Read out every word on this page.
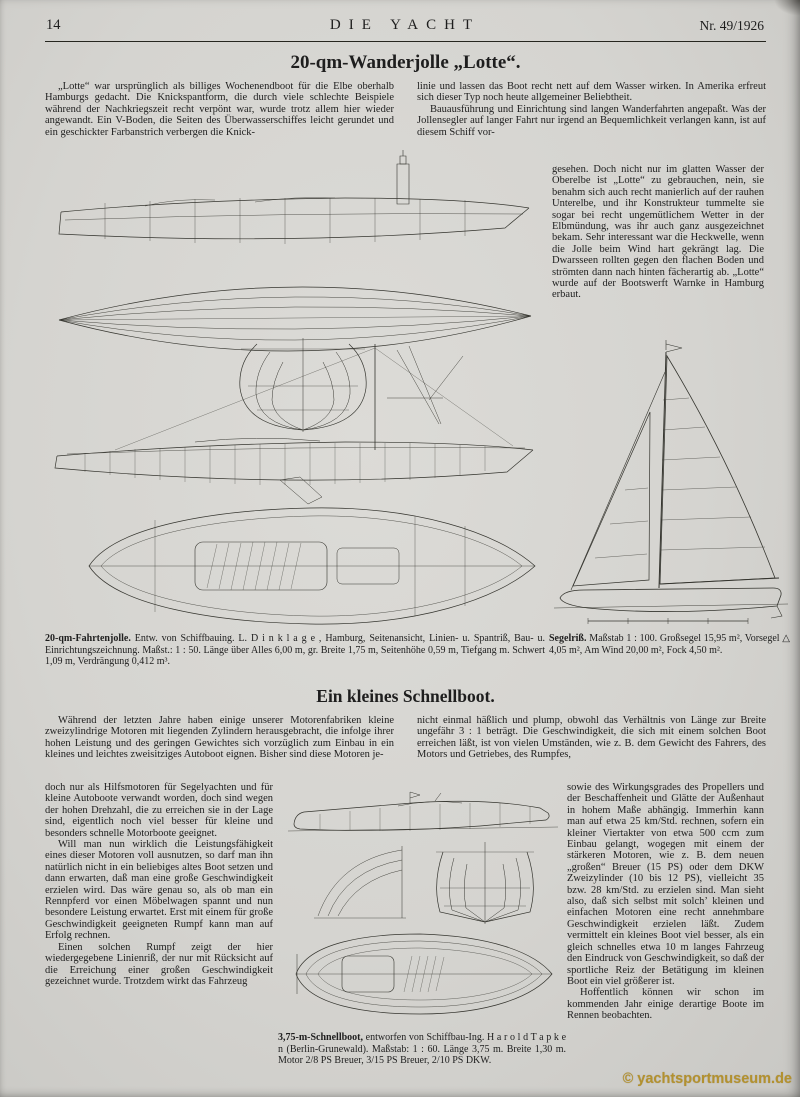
14	DIE YACHT	Nr. 49/1926
20-qm-Wanderjolle „Lotte“.

„Lotte“ war ursprünglich als billiges Wochenendboot für die Elbe oberhalb Hamburgs gedacht. Die Knickspantform, die durch viele schlechte Beispiele während der Nachkriegszeit recht verpönt war, wurde trotz allem hier wieder angewandt. Ein V-Boden, die Seiten des Überwasserschiffes leicht gerundet und ein geschickter Farbanstrich verbergen die Knick-

linie und lassen das Boot recht nett auf dem Wasser wirken. In Amerika erfreut sich dieser Typ noch heute allgemeiner Beliebtheit.

Bauausführung und Einrichtung sind langen Wanderfahrten angepaßt. Was der Jollensegler auf langer Fahrt nur irgend an Bequemlichkeit verlangen kann, ist auf diesem Schiff vor-

gesehen. Doch nicht nur im glatten Wasser der Oberelbe ist „Lotte“ zu gebrauchen, nein, sie benahm sich auch recht manierlich auf der rauhen Unterelbe, und ihr Konstrukteur tummelte sie sogar bei recht ungemütlichem Wetter in der Elbmündung, was ihr auch ganz ausgezeichnet bekam. Sehr interessant war die Heckwelle, wenn die Jolle beim Wind hart gekrängt lag. Die Dwarsseen rollten gegen den flachen Boden und strömten dann nach hinten fächerartig ab. „Lotte“ wurde auf der Bootswerft Warnke in Hamburg erbaut.

20-qm-Fahrtenjolle. Entw. von Schiffbauing. L. D i n k l a g e , Hamburg, Seitenansicht, Linien- u. Spantriß, Bau- u. Einrichtungszeichnung. Maßst.: 1 : 50. Länge über Alles 6,00 m, gr. Breite 1,75 m, Seitenhöhe 0,59 m, Tiefgang m. Schwert 1,09 m, Verdrängung 0,412 m³.
Segelriß. Maßstab 1 : 100. Großsegel 15,95 m², Vorsegel △ 4,05 m², Am Wind 20,00 m², Fock 4,50 m².
Ein kleines Schnellboot.

Während der letzten Jahre haben einige unserer Motorenfabriken kleine zweizylindrige Motoren mit liegenden Zylindern herausgebracht, die infolge ihrer hohen Leistung und des geringen Gewichtes sich vorzüglich zum Einbau in ein kleines und leichtes zweisitziges Autoboot eignen. Bisher sind diese Motoren je-

nicht einmal häßlich und plump, obwohl das Verhältnis von Länge zur Breite ungefähr 3 : 1 beträgt. Die Geschwindigkeit, die sich mit einem solchen Boot erreichen läßt, ist von vielen Umständen, wie z. B. dem Gewicht des Fahrers, des Motors und Getriebes, des Rumpfes,

doch nur als Hilfsmotoren für Segelyachten und für kleine Autoboote verwandt worden, doch sind wegen der hohen Drehzahl, die zu erreichen sie in der Lage sind, eigentlich noch viel besser für kleine und besonders schnelle Motorboote geeignet.

Will man nun wirklich die Leistungsfähigkeit eines dieser Motoren voll ausnutzen, so darf man ihn natürlich nicht in ein beliebiges altes Boot setzen und dann erwarten, daß man eine große Geschwindigkeit erzielen wird. Das wäre genau so, als ob man ein Rennpferd vor einen Möbelwagen spannt und nun besondere Leistung erwartet. Erst mit einem für große Geschwindigkeit geeigneten Rumpf kann man auf Erfolg rechnen.

Einen solchen Rumpf zeigt der hier wiedergegebene Linienriß, der nur mit Rücksicht auf die Erreichung einer großen Geschwindigkeit gezeichnet wurde. Trotzdem wirkt das Fahrzeug

sowie des Wirkungsgrades des Propellers und der Beschaffenheit und Glätte der Außenhaut in hohem Maße abhängig. Immerhin kann man auf etwa 25 km/Std. rechnen, sofern ein kleiner Viertakter von etwa 500 ccm zum Einbau gelangt, wogegen mit einem der stärkeren Motoren, wie z. B. dem neuen „großen“ Breuer (15 PS) oder dem DKW Zweizylinder (10 bis 12 PS), vielleicht 35 bzw. 28 km/Std. zu erzielen sind. Man sieht also, daß sich selbst mit solch’ kleinen und einfachen Motoren eine recht annehmbare Geschwindigkeit erzielen läßt. Zudem vermittelt ein kleines Boot viel besser, als ein gleich schnelles etwa 10 m langes Fahrzeug den Eindruck von Geschwindigkeit, so daß der sportliche Reiz der Betätigung im kleinen Boot ein viel größerer ist.

Hoffentlich können wir schon im kommenden Jahr einige derartige Boote im Rennen beobachten.

3,75-m-Schnellboot, entworfen von Schiffbau-Ing. H a r o l d T a p k e n (Berlin-Grunewald). Maßstab: 1 : 60. Länge 3,75 m. Breite 1,30 m. Motor 2/8 PS Breuer, 3/15 PS Breuer, 2/10 PS DKW.
© yachtsportmuseum.de
